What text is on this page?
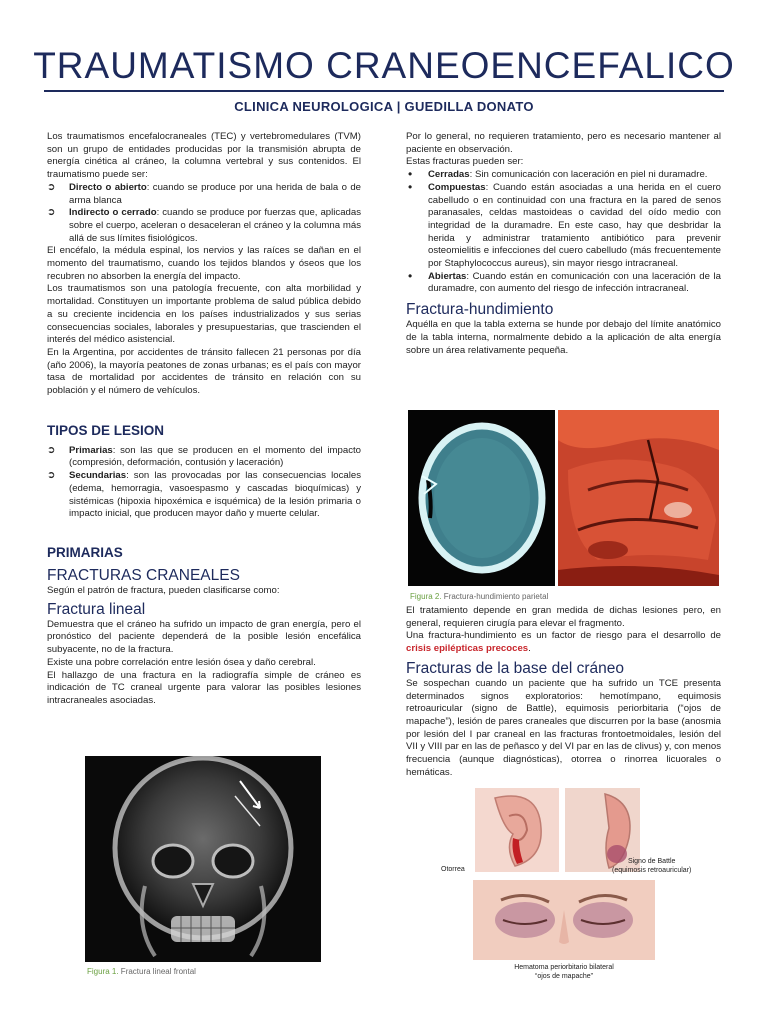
TRAUMATISMO CRANEOENCEFALICO
CLINICA NEUROLOGICA | GUEDILLA DONATO

Los traumatismos encefalocraneales (TEC) y vertebromedulares (TVM) son un grupo de entidades producidas por la transmisión abrupta de energía cinética al cráneo, la columna vertebral y sus contenidos. El traumatismo puede ser:

➲ Directo o abierto: cuando se produce por una herida de bala o de arma blanca
➲ Indirecto o cerrado: cuando se produce por fuerzas que, aplicadas sobre el cuerpo, aceleran o desaceleran el cráneo y la columna más allá de sus límites fisiológicos.

El encéfalo, la médula espinal, los nervios y las raíces se dañan en el momento del traumatismo, cuando los tejidos blandos y óseos que los recubren no absorben la energía del impacto.

Los traumatismos son una patología frecuente, con alta morbilidad y mortalidad. Constituyen un importante problema de salud pública debido a su creciente incidencia en los países industrializados y sus serias consecuencias sociales, laborales y presupuestarias, que trascienden el interés del médico asistencial.

En la Argentina, por accidentes de tránsito fallecen 21 personas por día (año 2006), la mayoría peatones de zonas urbanas; es el país con mayor tasa de mortalidad por accidentes de tránsito en relación con su población y el número de vehículos.

TIPOS DE LESION
➲ Primarias: son las que se producen en el momento del impacto (compresión, deformación, contusión y laceración)
➲ Secundarias: son las provocadas por las consecuencias locales (edema, hemorragia, vasoespasmo y cascadas bioquímicas) y sistémicas (hipoxia hipoxémica e isquémica) de la lesión primaria o impacto inicial, que producen mayor daño y muerte celular.
PRIMARIAS
FRACTURAS CRANEALES

Según el patrón de fractura, pueden clasificarse como:

Fractura lineal

Demuestra que el cráneo ha sufrido un impacto de gran energía, pero el pronóstico del paciente dependerá de la posible lesión encefálica subyacente, no de la fractura.

Existe una pobre correlación entre lesión ósea y daño cerebral.

El hallazgo de una fractura en la radiografía simple de cráneo es indicación de TC craneal urgente para valorar las posibles lesiones intracraneales asociadas.

Figura 1. Fractura lineal frontal

Por lo general, no requieren tratamiento, pero es necesario mantener al paciente en observación.

Estas fracturas pueden ser:

• Cerradas: Sin comunicación con laceración en piel ni duramadre.
• Compuestas: Cuando están asociadas a una herida en el cuero cabelludo o en continuidad con una fractura en la pared de senos paranasales, celdas mastoideas o cavidad del oído medio con integridad de la duramadre. En este caso, hay que desbridar la herida y administrar tratamiento antibiótico para prevenir osteomielitis e infecciones del cuero cabelludo (más frecuentemente por Staphylococcus aureus), sin mayor riesgo intracraneal.
• Abiertas: Cuando están en comunicación con una laceración de la duramadre, con aumento del riesgo de infección intracraneal.
Fractura-hundimiento

Aquélla en que la tabla externa se hunde por debajo del límite anatómico de la tabla interna, normalmente debido a la aplicación de alta energía sobre un área relativamente pequeña.

Figura 2. Fractura-hundimiento parietal

El tratamiento depende en gran medida de dichas lesiones pero, en general, requieren cirugía para elevar el fragmento.

Una fractura-hundimiento es un factor de riesgo para el desarrollo de crisis epilépticas precoces.

Fracturas de la base del cráneo

Se sospechan cuando un paciente que ha sufrido un TCE presenta determinados signos exploratorios: hemotímpano, equimosis retroauricular (signo de Battle), equimosis periorbitaria (“ojos de mapache”), lesión de pares craneales que discurren por la base (anosmia por lesión del I par craneal en las fracturas frontoetmoidales, lesión del VII y VIII par en las de peñasco y del VI par en las de clivus) y, con menos frecuencia (aunque diagnósticas), otorrea o rinorrea licuorales o hemáticas.

Otorrea
Signo de Battle
(equimosis retroauricular)
Hematoma periorbitario bilateral
“ojos de mapache”
